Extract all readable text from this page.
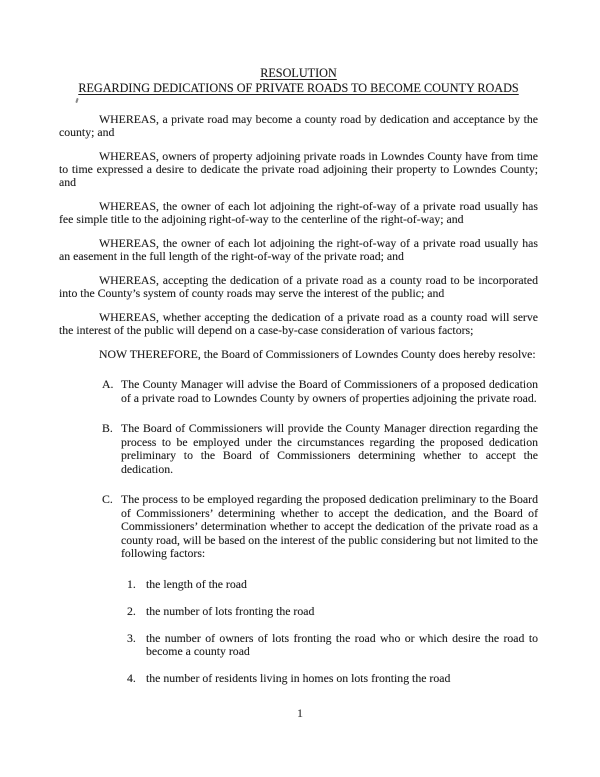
RESOLUTION
REGARDING DEDICATIONS OF PRIVATE ROADS TO BECOME COUNTY ROADS

WHEREAS, a private road may become a county road by dedication and acceptance by the county; and

WHEREAS, owners of property adjoining private roads in Lowndes County have from time to time expressed a desire to dedicate the private road adjoining their property to Lowndes County; and

WHEREAS, the owner of each lot adjoining the right-of-way of a private road usually has fee simple title to the adjoining right-of-way to the centerline of the right-of-way; and

WHEREAS, the owner of each lot adjoining the right-of-way of a private road usually has an easement in the full length of the right-of-way of the private road; and

WHEREAS, accepting the dedication of a private road as a county road to be incorporated into the County’s system of county roads may serve the interest of the public; and

WHEREAS, whether accepting the dedication of a private road as a county road will serve the interest of the public will depend on a case-by-case consideration of various factors;

NOW THEREFORE, the Board of Commissioners of Lowndes County does hereby resolve:

A. The County Manager will advise the Board of Commissioners of a proposed dedication of a private road to Lowndes County by owners of properties adjoining the private road.
B. The Board of Commissioners will provide the County Manager direction regarding the process to be employed under the circumstances regarding the proposed dedication preliminary to the Board of Commissioners determining whether to accept the dedication.
C. The process to be employed regarding the proposed dedication preliminary to the Board of Commissioners’ determining whether to accept the dedication, and the Board of Commissioners’ determination whether to accept the dedication of the private road as a county road, will be based on the interest of the public considering but not limited to the following factors:
1. the length of the road
2. the number of lots fronting the road
3. the number of owners of lots fronting the road who or which desire the road to become a county road
4. the number of residents living in homes on lots fronting the road
1
